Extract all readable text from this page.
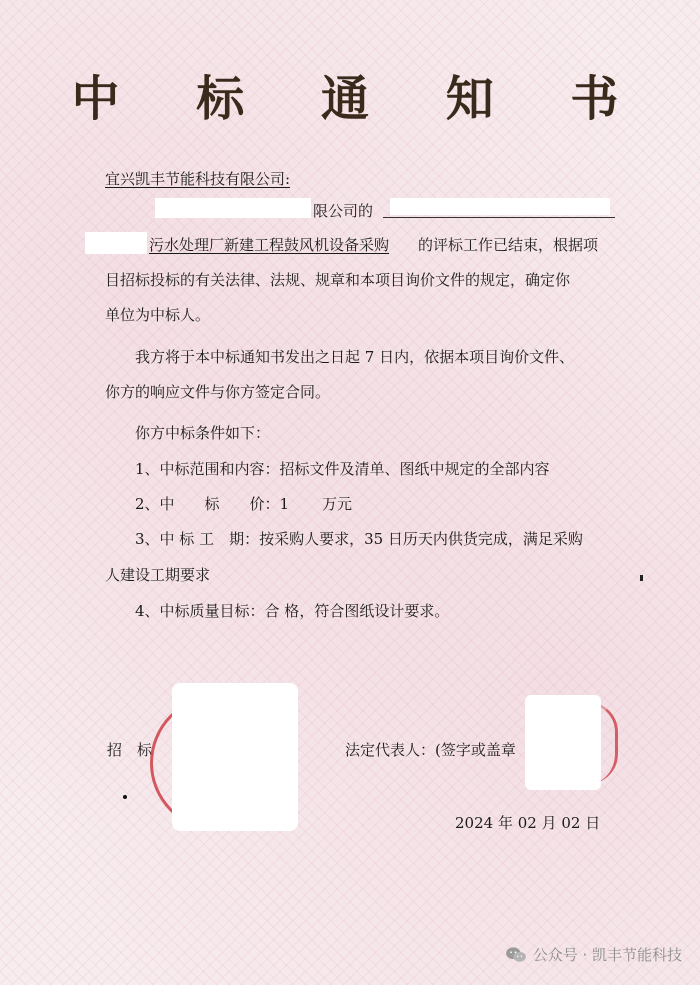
中 标 通 知 书
宜兴凯丰节能科技有限公司:
限公司的
污水处理厂新建工程鼓风机设备采购 的评标工作已结束，根据项
目招标投标的有关法律、法规、规章和本项目询价文件的规定，确定你
单位为中标人。
我方将于本中标通知书发出之日起 7 日内，依据本项目询价文件、
你方的响应文件与你方签定合同。
你方中标条件如下：
1、中标范围和内容：招标文件及清单、图纸中规定的全部内容
2、中　　标　　价：1 万元
3、中 标 工　期：按采购人要求，35 日历天内供货完成，满足采购
人建设工期要求
4、中标质量目标：合 格，符合图纸设计要求。
招　标	法定代表人：(签字或盖章
2024 年 02 月 02 日
公众号 · 凯丰节能科技
